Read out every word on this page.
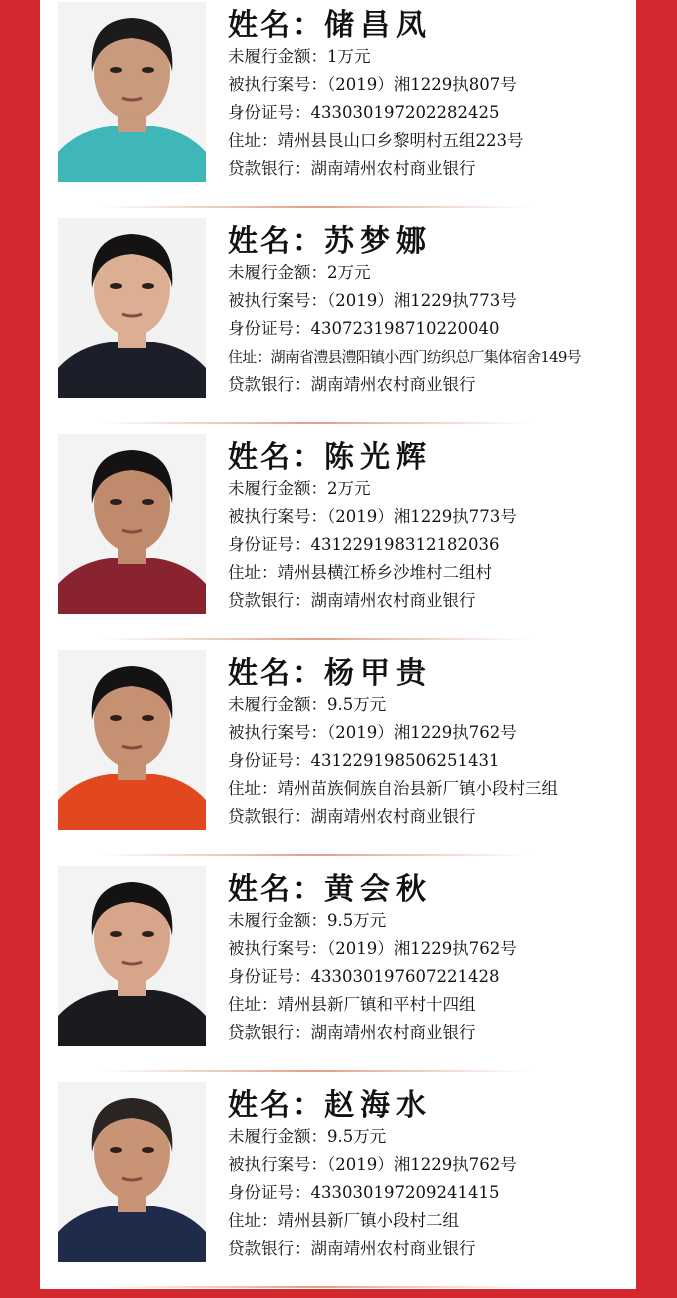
姓名：储昌凤
未履行金额：1万元
被执行案号：（2019）湘1229执807号
身份证号：433030197202282425
住址：靖州县艮山口乡黎明村五组223号
贷款银行：湖南靖州农村商业银行
姓名：苏梦娜
未履行金额：2万元
被执行案号：（2019）湘1229执773号
身份证号：430723198710220040
住址：湖南省澧县澧阳镇小西门纺织总厂集体宿舍149号
贷款银行：湖南靖州农村商业银行
姓名：陈光辉
未履行金额：2万元
被执行案号：（2019）湘1229执773号
身份证号：431229198312182036
住址：靖州县横江桥乡沙堆村二组村
贷款银行：湖南靖州农村商业银行
姓名：杨甲贵
未履行金额：9.5万元
被执行案号：（2019）湘1229执762号
身份证号：431229198506251431
住址：靖州苗族侗族自治县新厂镇小段村三组
贷款银行：湖南靖州农村商业银行
姓名：黄会秋
未履行金额：9.5万元
被执行案号：（2019）湘1229执762号
身份证号：433030197607221428
住址：靖州县新厂镇和平村十四组
贷款银行：湖南靖州农村商业银行
姓名：赵海水
未履行金额：9.5万元
被执行案号：（2019）湘1229执762号
身份证号：433030197209241415
住址：靖州县新厂镇小段村二组
贷款银行：湖南靖州农村商业银行
